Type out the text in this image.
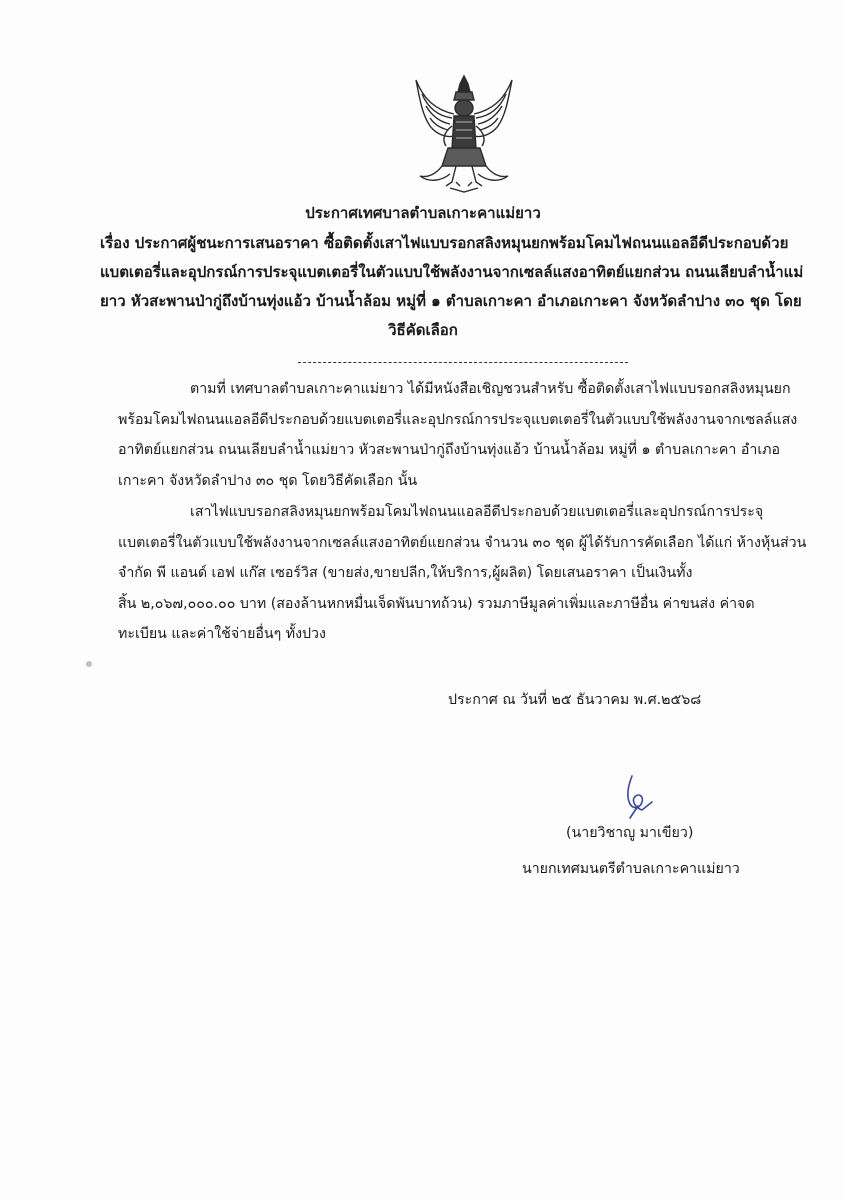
ประกาศเทศบาลตำบลเกาะคาแม่ยาว
เรื่อง ประกาศผู้ชนะการเสนอราคา ซื้อติดตั้งเสาไฟแบบรอกสลิงหมุนยกพร้อมโคมไฟถนนแอลอีดีประกอบด้วย
แบตเตอรี่และอุปกรณ์การประจุแบตเตอรี่ในตัวแบบใช้พลังงานจากเซลล์แสงอาทิตย์แยกส่วน ถนนเลียบลำน้ำแม่
ยาว หัวสะพานป่ากู่ถึงบ้านทุ่งแอ้ว บ้านน้ำล้อม หมู่ที่ ๑ ตำบลเกาะคา อำเภอเกาะคา จังหวัดลำปาง ๓๐ ชุด โดย
วิธีคัดเลือก
ตามที่ เทศบาลตำบลเกาะคาแม่ยาว ได้มีหนังสือเชิญชวนสำหรับ ซื้อติดตั้งเสาไฟแบบรอกสลิงหมุนยก
พร้อมโคมไฟถนนแอลอีดีประกอบด้วยแบตเตอรี่และอุปกรณ์การประจุแบตเตอรี่ในตัวแบบใช้พลังงานจากเซลล์แสง
อาทิตย์แยกส่วน ถนนเลียบลำน้ำแม่ยาว หัวสะพานป่ากู่ถึงบ้านทุ่งแอ้ว บ้านน้ำล้อม หมู่ที่ ๑ ตำบลเกาะคา อำเภอ
เกาะคา จังหวัดลำปาง ๓๐ ชุด โดยวิธีคัดเลือก นั้น
เสาไฟแบบรอกสลิงหมุนยกพร้อมโคมไฟถนนแอลอีดีประกอบด้วยแบตเตอรี่และอุปกรณ์การประจุ
แบตเตอรี่ในตัวแบบใช้พลังงานจากเซลล์แสงอาทิตย์แยกส่วน จำนวน ๓๐ ชุด ผู้ได้รับการคัดเลือก ได้แก่ ห้างหุ้นส่วน
จำกัด พี แอนด์ เอฟ แก๊ส เซอร์วิส (ขายส่ง,ขายปลีก,ให้บริการ,ผู้ผลิต) โดยเสนอราคา เป็นเงินทั้ง
สิ้น ๒,๐๖๗,๐๐๐.๐๐ บาท (สองล้านหกหมื่นเจ็ดพันบาทถ้วน) รวมภาษีมูลค่าเพิ่มและภาษีอื่น ค่าขนส่ง ค่าจด
ทะเบียน และค่าใช้จ่ายอื่นๆ ทั้งปวง
ประกาศ ณ วันที่ ๒๕ ธันวาคม พ.ศ.๒๕๖๘
(นายวิชาญู มาเขียว)
นายกเทศมนตรีตำบลเกาะคาแม่ยาว
